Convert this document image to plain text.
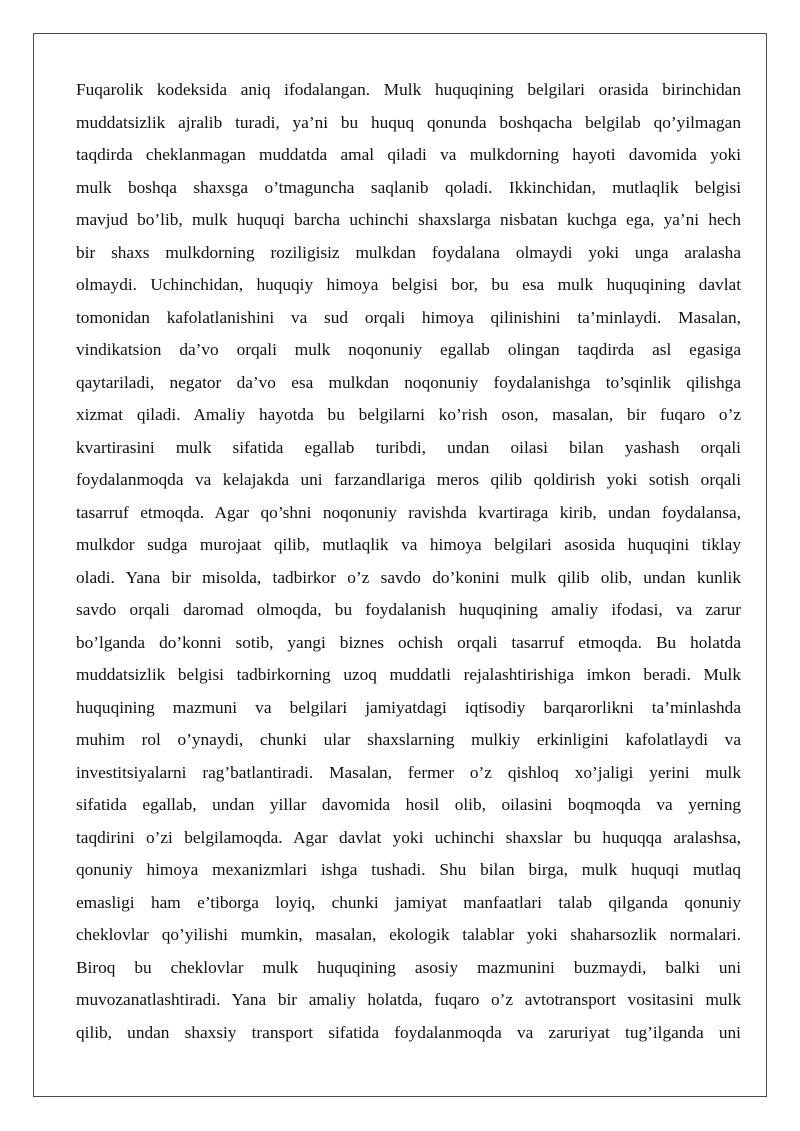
Fuqarolik kodeksida aniq ifodalangan. Mulk huquqining belgilari orasida birinchidan
muddatsizlik ajralib turadi, ya’ni bu huquq qonunda boshqacha belgilab qo’yilmagan
taqdirda cheklanmagan muddatda amal qiladi va mulkdorning hayoti davomida yoki
mulk boshqa shaxsga o’tmaguncha saqlanib qoladi. Ikkinchidan, mutlaqlik belgisi
mavjud bo’lib, mulk huquqi barcha uchinchi shaxslarga nisbatan kuchga ega, ya’ni hech
bir shaxs mulkdorning roziligisiz mulkdan foydalana olmaydi yoki unga aralasha
olmaydi. Uchinchidan, huquqiy himoya belgisi bor, bu esa mulk huquqining davlat
tomonidan kafolatlanishini va sud orqali himoya qilinishini ta’minlaydi. Masalan,
vindikatsion da’vo orqali mulk noqonuniy egallab olingan taqdirda asl egasiga
qaytariladi, negator da’vo esa mulkdan noqonuniy foydalanishga to’sqinlik qilishga
xizmat qiladi. Amaliy hayotda bu belgilarni ko’rish oson, masalan, bir fuqaro o’z
kvartirasini mulk sifatida egallab turibdi, undan oilasi bilan yashash orqali
foydalanmoqda va kelajakda uni farzandlariga meros qilib qoldirish yoki sotish orqali
tasarruf etmoqda. Agar qo’shni noqonuniy ravishda kvartiraga kirib, undan foydalansa,
mulkdor sudga murojaat qilib, mutlaqlik va himoya belgilari asosida huquqini tiklay
oladi. Yana bir misolda, tadbirkor o’z savdo do’konini mulk qilib olib, undan kunlik
savdo orqali daromad olmoqda, bu foydalanish huquqining amaliy ifodasi, va zarur
bo’lganda do’konni sotib, yangi biznes ochish orqali tasarruf etmoqda. Bu holatda
muddatsizlik belgisi tadbirkorning uzoq muddatli rejalashtirishiga imkon beradi. Mulk
huquqining mazmuni va belgilari jamiyatdagi iqtisodiy barqarorlikni ta’minlashda
muhim rol o’ynaydi, chunki ular shaxslarning mulkiy erkinligini kafolatlaydi va
investitsiyalarni rag’batlantiradi. Masalan, fermer o’z qishloq xo’jaligi yerini mulk
sifatida egallab, undan yillar davomida hosil olib, oilasini boqmoqda va yerning
taqdirini o’zi belgilamoqda. Agar davlat yoki uchinchi shaxslar bu huquqqa aralashsa,
qonuniy himoya mexanizmlari ishga tushadi. Shu bilan birga, mulk huquqi mutlaq
emasligi ham e’tiborga loyiq, chunki jamiyat manfaatlari talab qilganda qonuniy
cheklovlar qo’yilishi mumkin, masalan, ekologik talablar yoki shaharsozlik normalari.
Biroq bu cheklovlar mulk huquqining asosiy mazmunini buzmaydi, balki uni
muvozanatlashtiradi. Yana bir amaliy holatda, fuqaro o’z avtotransport vositasini mulk
qilib, undan shaxsiy transport sifatida foydalanmoqda va zaruriyat tug’ilganda uni
